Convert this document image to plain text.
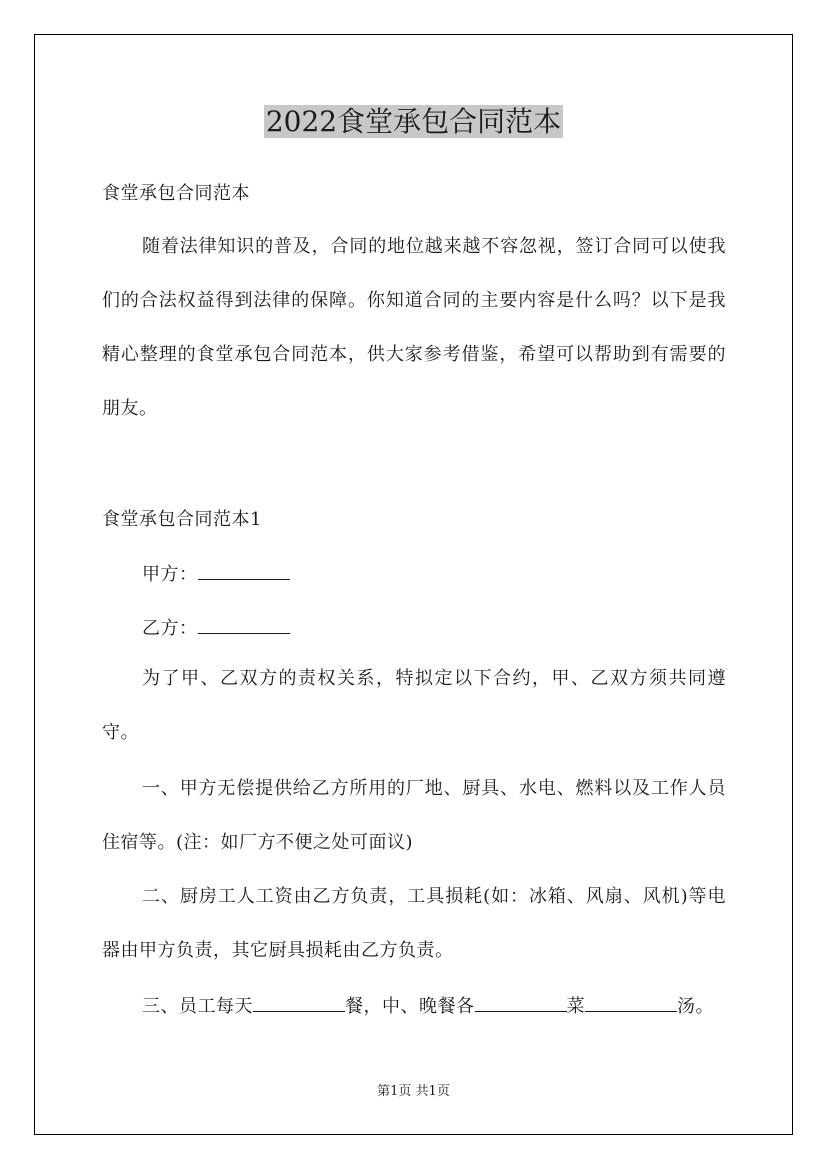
2022食堂承包合同范本

食堂承包合同范本

随着法律知识的普及，合同的地位越来越不容忽视，签订合同可以使我们的合法权益得到法律的保障。你知道合同的主要内容是什么吗？以下是我精心整理的食堂承包合同范本，供大家参考借鉴，希望可以帮助到有需要的朋友。

食堂承包合同范本1

甲方：

乙方：

为了甲、乙双方的责权关系，特拟定以下合约，甲、乙双方须共同遵守。

一、甲方无偿提供给乙方所用的厂地、厨具、水电、燃料以及工作人员住宿等。(注：如厂方不便之处可面议)

二、厨房工人工资由乙方负责，工具损耗(如：冰箱、风扇、风机)等电器由甲方负责，其它厨具损耗由乙方负责。

三、员工每天	餐，中、晚餐各	菜	汤。

第1页 共1页
